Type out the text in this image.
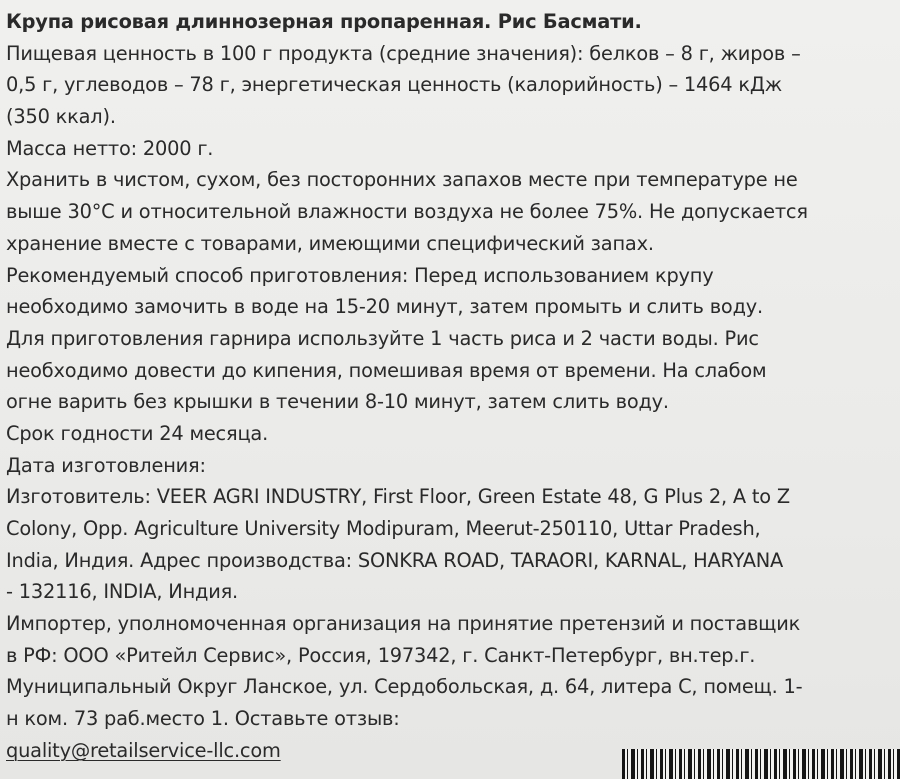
Крупа рисовая длиннозерная пропаренная. Рис Басмати.
Пищевая ценность в 100 г продукта (средние значения): белков – 8 г, жиров –
0,5 г, углеводов – 78 г, энергетическая ценность (калорийность) – 1464 кДж
(350 ккал).
Масса нетто: 2000 г.
Хранить в чистом, сухом, без посторонних запахов месте при температуре не
выше 30°C и относительной влажности воздуха не более 75%. Не допускается
хранение вместе с товарами, имеющими специфический запах.
Рекомендуемый способ приготовления: Перед использованием крупу
необходимо замочить в воде на 15-20 минут, затем промыть и слить воду.
Для приготовления гарнира используйте 1 часть риса и 2 части воды. Рис
необходимо довести до кипения, помешивая время от времени. На слабом
огне варить без крышки в течении 8-10 минут, затем слить воду.
Срок годности 24 месяца.
Дата изготовления:
Изготовитель: VEER AGRI INDUSTRY, First Floor, Green Estate 48, G Plus 2, A to Z
Colony, Opp. Agriculture University Modipuram, Meerut-250110, Uttar Pradesh,
India, Индия. Адрес производства: SONKRA ROAD, TARAORI, KARNAL, HARYANA
- 132116, INDIA, Индия.
Импортер, уполномоченная организация на принятие претензий и поставщик
в РФ: ООО «Ритейл Сервис», Россия, 197342, г. Санкт-Петербург, вн.тер.г.
Муниципальный Округ Ланское, ул. Сердобольская, д. 64, литера С, помещ. 1-
н ком. 73 раб.место 1. Оставьте отзыв:
quality@retailservice-llc.com
